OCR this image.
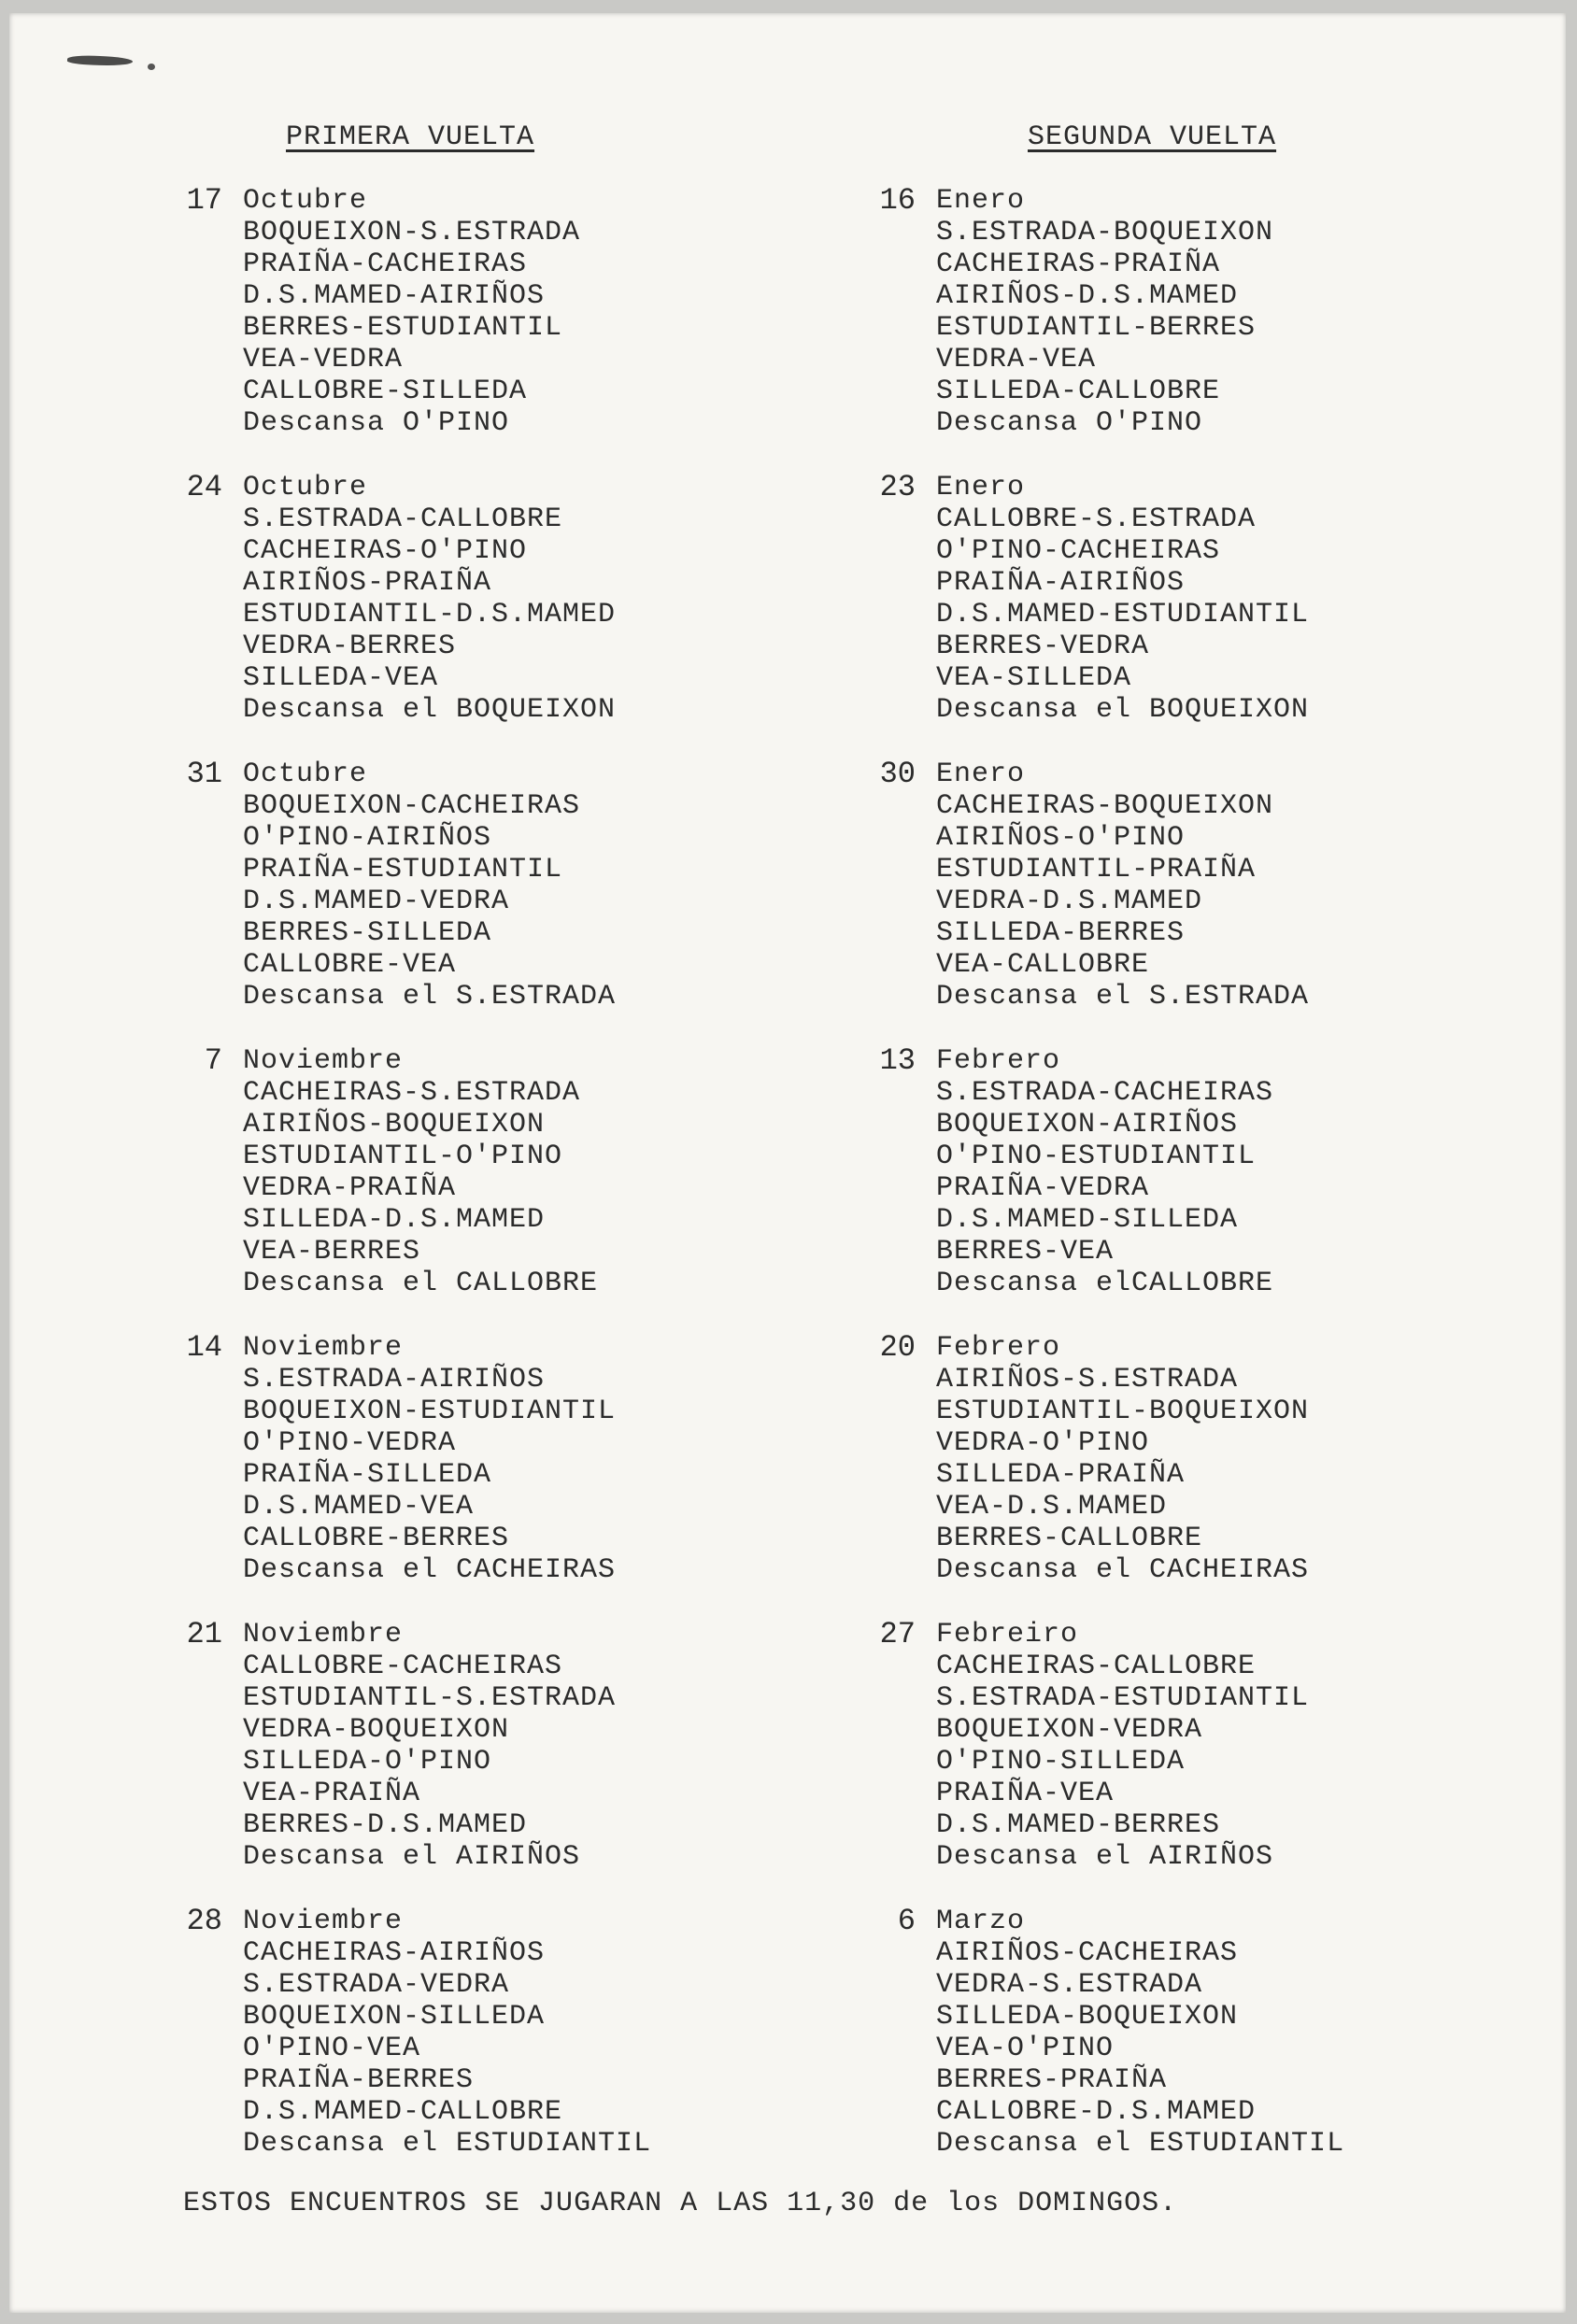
PRIMERA VUELTA	SEGUNDA VUELTA
17 Octubre
BOQUEIXON-S.ESTRADA
PRAIÑA-CACHEIRAS
D.S.MAMED-AIRIÑOS
BERRES-ESTUDIANTIL
VEA-VEDRA
CALLOBRE-SILLEDA
Descansa O'PINO
24 Octubre
S.ESTRADA-CALLOBRE
CACHEIRAS-O'PINO
AIRIÑOS-PRAIÑA
ESTUDIANTIL-D.S.MAMED
VEDRA-BERRES
SILLEDA-VEA
Descansa el BOQUEIXON
31 Octubre
BOQUEIXON-CACHEIRAS
O'PINO-AIRIÑOS
PRAIÑA-ESTUDIANTIL
D.S.MAMED-VEDRA
BERRES-SILLEDA
CALLOBRE-VEA
Descansa el S.ESTRADA
7 Noviembre
CACHEIRAS-S.ESTRADA
AIRIÑOS-BOQUEIXON
ESTUDIANTIL-O'PINO
VEDRA-PRAIÑA
SILLEDA-D.S.MAMED
VEA-BERRES
Descansa el CALLOBRE
14 Noviembre
S.ESTRADA-AIRIÑOS
BOQUEIXON-ESTUDIANTIL
O'PINO-VEDRA
PRAIÑA-SILLEDA
D.S.MAMED-VEA
CALLOBRE-BERRES
Descansa el CACHEIRAS
21 Noviembre
CALLOBRE-CACHEIRAS
ESTUDIANTIL-S.ESTRADA
VEDRA-BOQUEIXON
SILLEDA-O'PINO
VEA-PRAIÑA
BERRES-D.S.MAMED
Descansa el AIRIÑOS
28 Noviembre
CACHEIRAS-AIRIÑOS
S.ESTRADA-VEDRA
BOQUEIXON-SILLEDA
O'PINO-VEA
PRAIÑA-BERRES
D.S.MAMED-CALLOBRE
Descansa el ESTUDIANTIL
16 Enero
S.ESTRADA-BOQUEIXON
CACHEIRAS-PRAIÑA
AIRIÑOS-D.S.MAMED
ESTUDIANTIL-BERRES
VEDRA-VEA
SILLEDA-CALLOBRE
Descansa O'PINO
23 Enero
CALLOBRE-S.ESTRADA
O'PINO-CACHEIRAS
PRAIÑA-AIRIÑOS
D.S.MAMED-ESTUDIANTIL
BERRES-VEDRA
VEA-SILLEDA
Descansa el BOQUEIXON
30 Enero
CACHEIRAS-BOQUEIXON
AIRIÑOS-O'PINO
ESTUDIANTIL-PRAIÑA
VEDRA-D.S.MAMED
SILLEDA-BERRES
VEA-CALLOBRE
Descansa el S.ESTRADA
13 Febrero
S.ESTRADA-CACHEIRAS
BOQUEIXON-AIRIÑOS
O'PINO-ESTUDIANTIL
PRAIÑA-VEDRA
D.S.MAMED-SILLEDA
BERRES-VEA
Descansa elCALLOBRE
20 Febrero
AIRIÑOS-S.ESTRADA
ESTUDIANTIL-BOQUEIXON
VEDRA-O'PINO
SILLEDA-PRAIÑA
VEA-D.S.MAMED
BERRES-CALLOBRE
Descansa el CACHEIRAS
27 Febreiro
CACHEIRAS-CALLOBRE
S.ESTRADA-ESTUDIANTIL
BOQUEIXON-VEDRA
O'PINO-SILLEDA
PRAIÑA-VEA
D.S.MAMED-BERRES
Descansa el AIRIÑOS
6 Marzo
AIRIÑOS-CACHEIRAS
VEDRA-S.ESTRADA
SILLEDA-BOQUEIXON
VEA-O'PINO
BERRES-PRAIÑA
CALLOBRE-D.S.MAMED
Descansa el ESTUDIANTIL
ESTOS ENCUENTROS SE JUGARAN A LAS 11,30 de los DOMINGOS.
